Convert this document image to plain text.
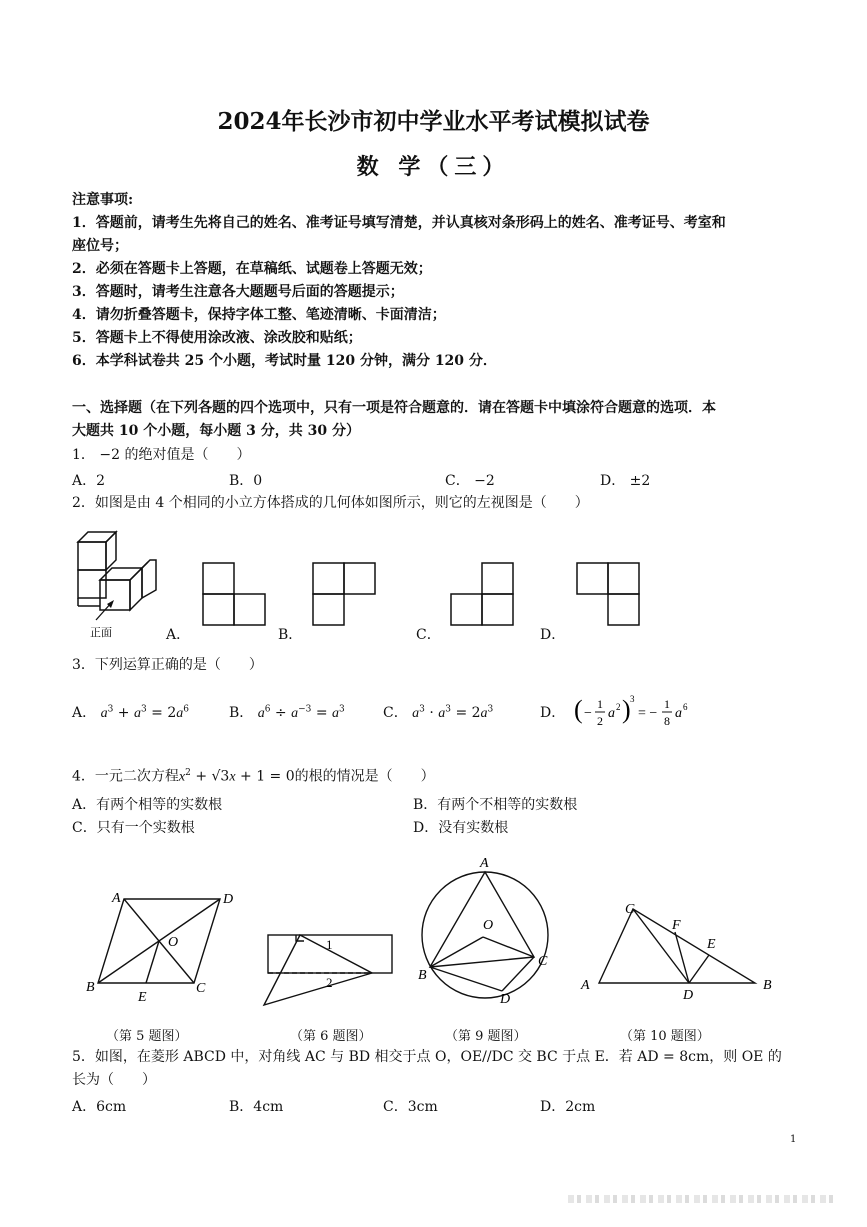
2024年长沙市初中学业水平考试模拟试卷
数 学（三）
注意事项:
1．答题前，请考生先将自己的姓名、准考证号填写清楚，并认真核对条形码上的姓名、准考证号、考室和
座位号；
2．必须在答题卡上答题，在草稿纸、试题卷上答题无效；
3．答题时，请考生注意各大题题号后面的答题提示；
4．请勿折叠答题卡，保持字体工整、笔迹清晰、卡面清洁；
5．答题卡上不得使用涂改液、涂改胶和贴纸；
6．本学科试卷共 25 个小题，考试时量 120 分钟，满分 120 分．
一、选择题（在下列各题的四个选项中，只有一项是符合题意的．请在答题卡中填涂符合题意的选项．本
大题共 10 个小题，每小题 3 分，共 30 分）
1． −2 的绝对值是（　　）
A．2	B．0	C． −2	D． ±2
2．如图是由 4 个相同的小立方体搭成的几何体如图所示，则它的左视图是（　　）
正面	A．	B．	C．	D．
3．下列运算正确的是（　　）
A． $a^3 + a^3 = 2a^6$	B． $a^6 \div a^{-3} = a^3$	C． $a^3 \cdot a^3 = 2a^3$	D． ( −
1
2 a 2 ) 3
= −
1
8 a 6
4．一元二次方程$x^2 + √3x + 1 = 0$的根的情况是（　　）
A．有两个相等的实数根	B．有两个不相等的实数根
C．只有一个实数根	D．没有实数根
A	D
O
B
E
C
1
2
A
O
B
C
D
C
F
E
A
D
B
（第 5 题图）	（第 6 题图）	（第 9 题图）	（第 10 题图）
5．如图，在菱形 ABCD 中，对角线 AC 与 BD 相交于点 O，OE//DC 交 BC 于点 E．若 AD = 8cm，则 OE 的
长为（　　）
A．6cm	B．4cm	C．3cm	D．2cm
1
